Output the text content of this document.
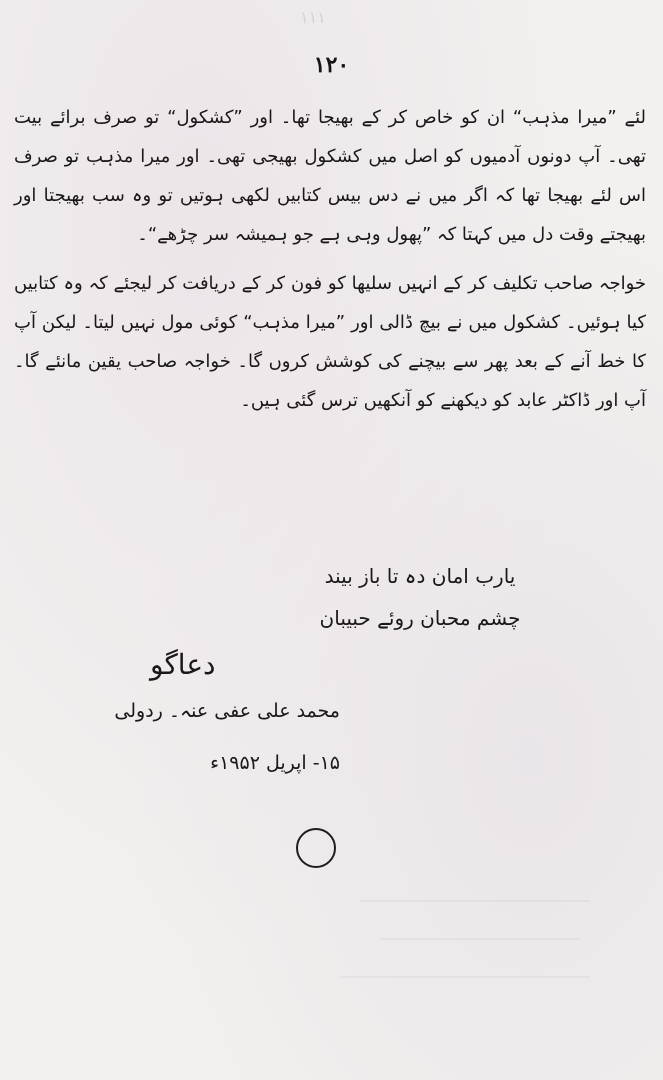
۱۱۱
١٢٠

لئے ”میرا مذہب“ ان کو خاص کر کے بھیجا تھا۔ اور ”کشکول“ تو صرف برائے بیت تھی۔ آپ دونوں آدمیوں کو اصل میں کشکول بھیجی تھی۔ اور میرا مذہب تو صرف اس لئے بھیجا تھا کہ اگر میں نے دس بیس کتابیں لکھی ہوتیں تو وہ سب بھیجتا اور بھیجتے وقت دل میں کہتا کہ ”پھول وہی ہے جو ہمیشہ سر چڑھے“۔

خواجہ صاحب تکلیف کر کے انہیں سلیھا کو فون کر کے دریافت کر لیجئے کہ وہ کتابیں کیا ہوئیں۔ کشکول میں نے بیچ ڈالی اور ”میرا مذہب“ کوئی مول نہیں لیتا۔ لیکن آپ کا خط آنے کے بعد پھر سے بیچنے کی کوشش کروں گا۔ خواجہ صاحب یقین مانئے گا۔ آپ اور ڈاکٹر عابد کو دیکھنے کو آنکھیں ترس گئی ہیں۔

یارب امان دہ تا باز بیند
چشم محبان روئے حبیبان
دعاگو
محمد علی عفی عنہ۔ ردولی
۱۵- اپریل ۱۹۵۲ء
